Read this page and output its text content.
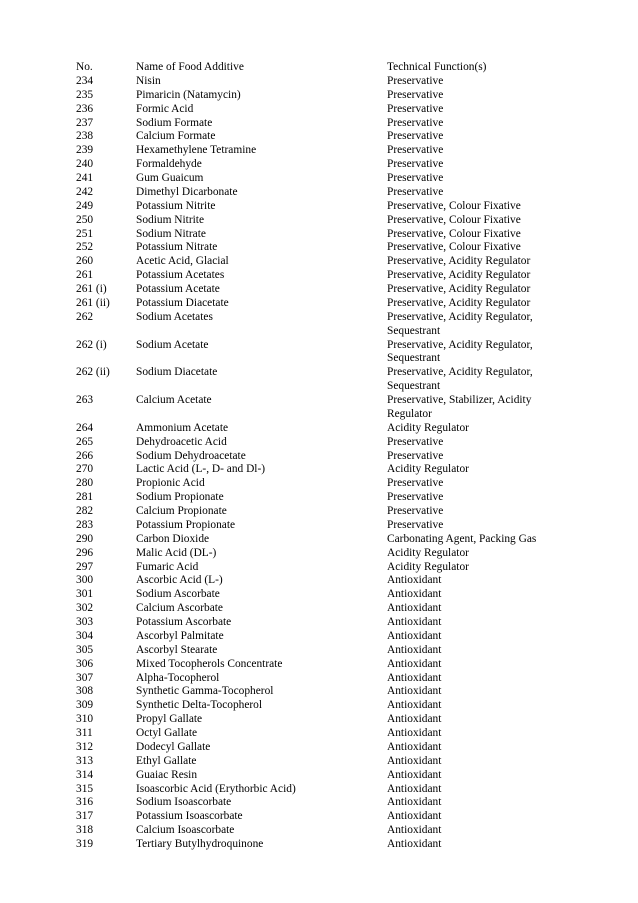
No.	Name of Food Additive	Technical Function(s)
234	Nisin	Preservative

235	Pimaricin (Natamycin)	Preservative

236	Formic Acid	Preservative

237	Sodium Formate	Preservative

238	Calcium Formate	Preservative

239	Hexamethylene Tetramine	Preservative

240	Formaldehyde	Preservative

241	Gum Guaicum	Preservative

242	Dimethyl Dicarbonate	Preservative

249	Potassium Nitrite	Preservative, Colour Fixative

250	Sodium Nitrite	Preservative, Colour Fixative

251	Sodium Nitrate	Preservative, Colour Fixative

252	Potassium Nitrate	Preservative, Colour Fixative

260	Acetic Acid, Glacial	Preservative, Acidity Regulator

261	Potassium Acetates	Preservative, Acidity Regulator

261 (i)	Potassium Acetate	Preservative, Acidity Regulator

261 (ii)	Potassium Diacetate	Preservative, Acidity Regulator

262	Sodium Acetates	Preservative, Acidity Regulator,
Sequestrant

262 (i)	Sodium Acetate	Preservative, Acidity Regulator,
Sequestrant

262 (ii)	Sodium Diacetate	Preservative, Acidity Regulator,
Sequestrant

263	Calcium Acetate	Preservative, Stabilizer, Acidity
Regulator

264	Ammonium Acetate	Acidity Regulator

265	Dehydroacetic Acid	Preservative

266	Sodium Dehydroacetate	Preservative

270	Lactic Acid (L-, D- and Dl-)	Acidity Regulator

280	Propionic Acid	Preservative

281	Sodium Propionate	Preservative

282	Calcium Propionate	Preservative

283	Potassium Propionate	Preservative

290	Carbon Dioxide	Carbonating Agent, Packing Gas

296	Malic Acid (DL-)	Acidity Regulator

297	Fumaric Acid	Acidity Regulator

300	Ascorbic Acid (L-)	Antioxidant

301	Sodium Ascorbate	Antioxidant

302	Calcium Ascorbate	Antioxidant

303	Potassium Ascorbate	Antioxidant

304	Ascorbyl Palmitate	Antioxidant

305	Ascorbyl Stearate	Antioxidant

306	Mixed Tocopherols Concentrate	Antioxidant

307	Alpha-Tocopherol	Antioxidant

308	Synthetic Gamma-Tocopherol	Antioxidant

309	Synthetic Delta-Tocopherol	Antioxidant

310	Propyl Gallate	Antioxidant

311	Octyl Gallate	Antioxidant

312	Dodecyl Gallate	Antioxidant

313	Ethyl Gallate	Antioxidant

314	Guaiac Resin	Antioxidant

315	Isoascorbic Acid (Erythorbic Acid)	Antioxidant

316	Sodium Isoascorbate	Antioxidant

317	Potassium Isoascorbate	Antioxidant

318	Calcium Isoascorbate	Antioxidant

319	Tertiary Butylhydroquinone	Antioxidant
